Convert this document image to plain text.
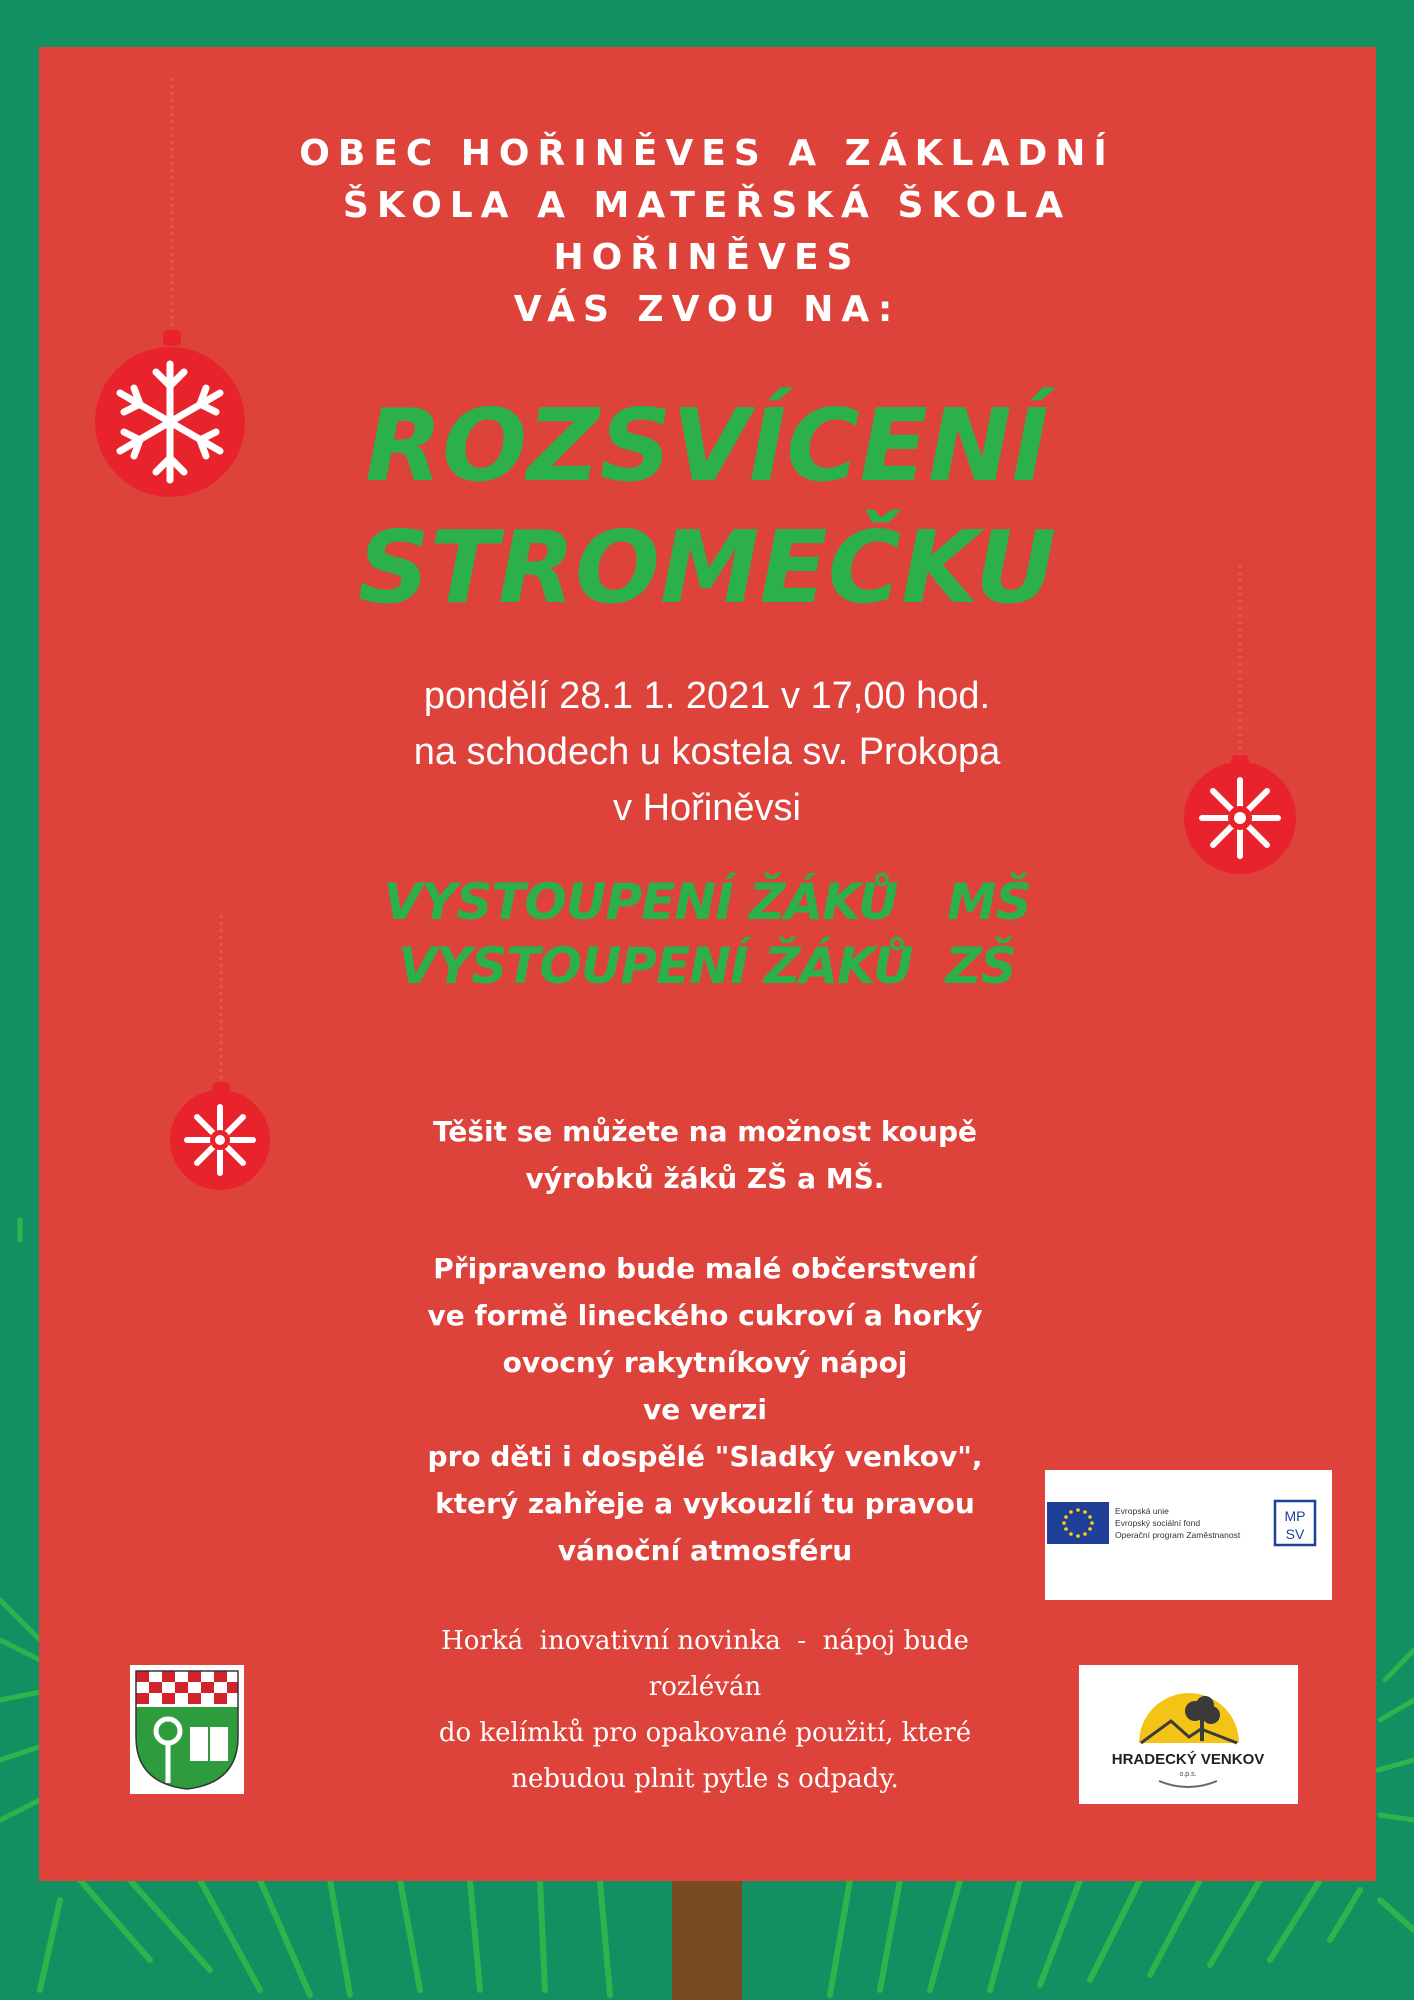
OBEC HOŘINĚVES A ZÁKLADNÍ
ŠKOLA A MATEŘSKÁ ŠKOLA
HOŘINĚVES
VÁS ZVOU NA:
ROZSVÍCENÍ
STROMEČKU
pondělí 28.1 1. 2021 v 17,00 hod.
na schodech u kostela sv. Prokopa
v Hořiněvsi
VYSTOUPENÍ ŽÁKŮ   MŠ
VYSTOUPENÍ ŽÁKŮ  ZŠ
Těšit se můžete na možnost koupě
výrobků žáků ZŠ a MŠ.
Připraveno bude malé občerstvení
ve formě lineckého cukroví a horký
ovocný rakytníkový nápoj
ve verzi
pro děti i dospělé "Sladký venkov",
který zahřeje a vykouzlí tu pravou
vánoční atmosféru
Horká  inovativní novinka  -  nápoj bude
rozléván
do kelímků pro opakované použití, které
nebudou plnit pytle s odpady.
Evropská unie
Evropský sociální fond
Operační program Zaměstnanost
MP
SV
HRADECKÝ VENKOV
o.p.s.
